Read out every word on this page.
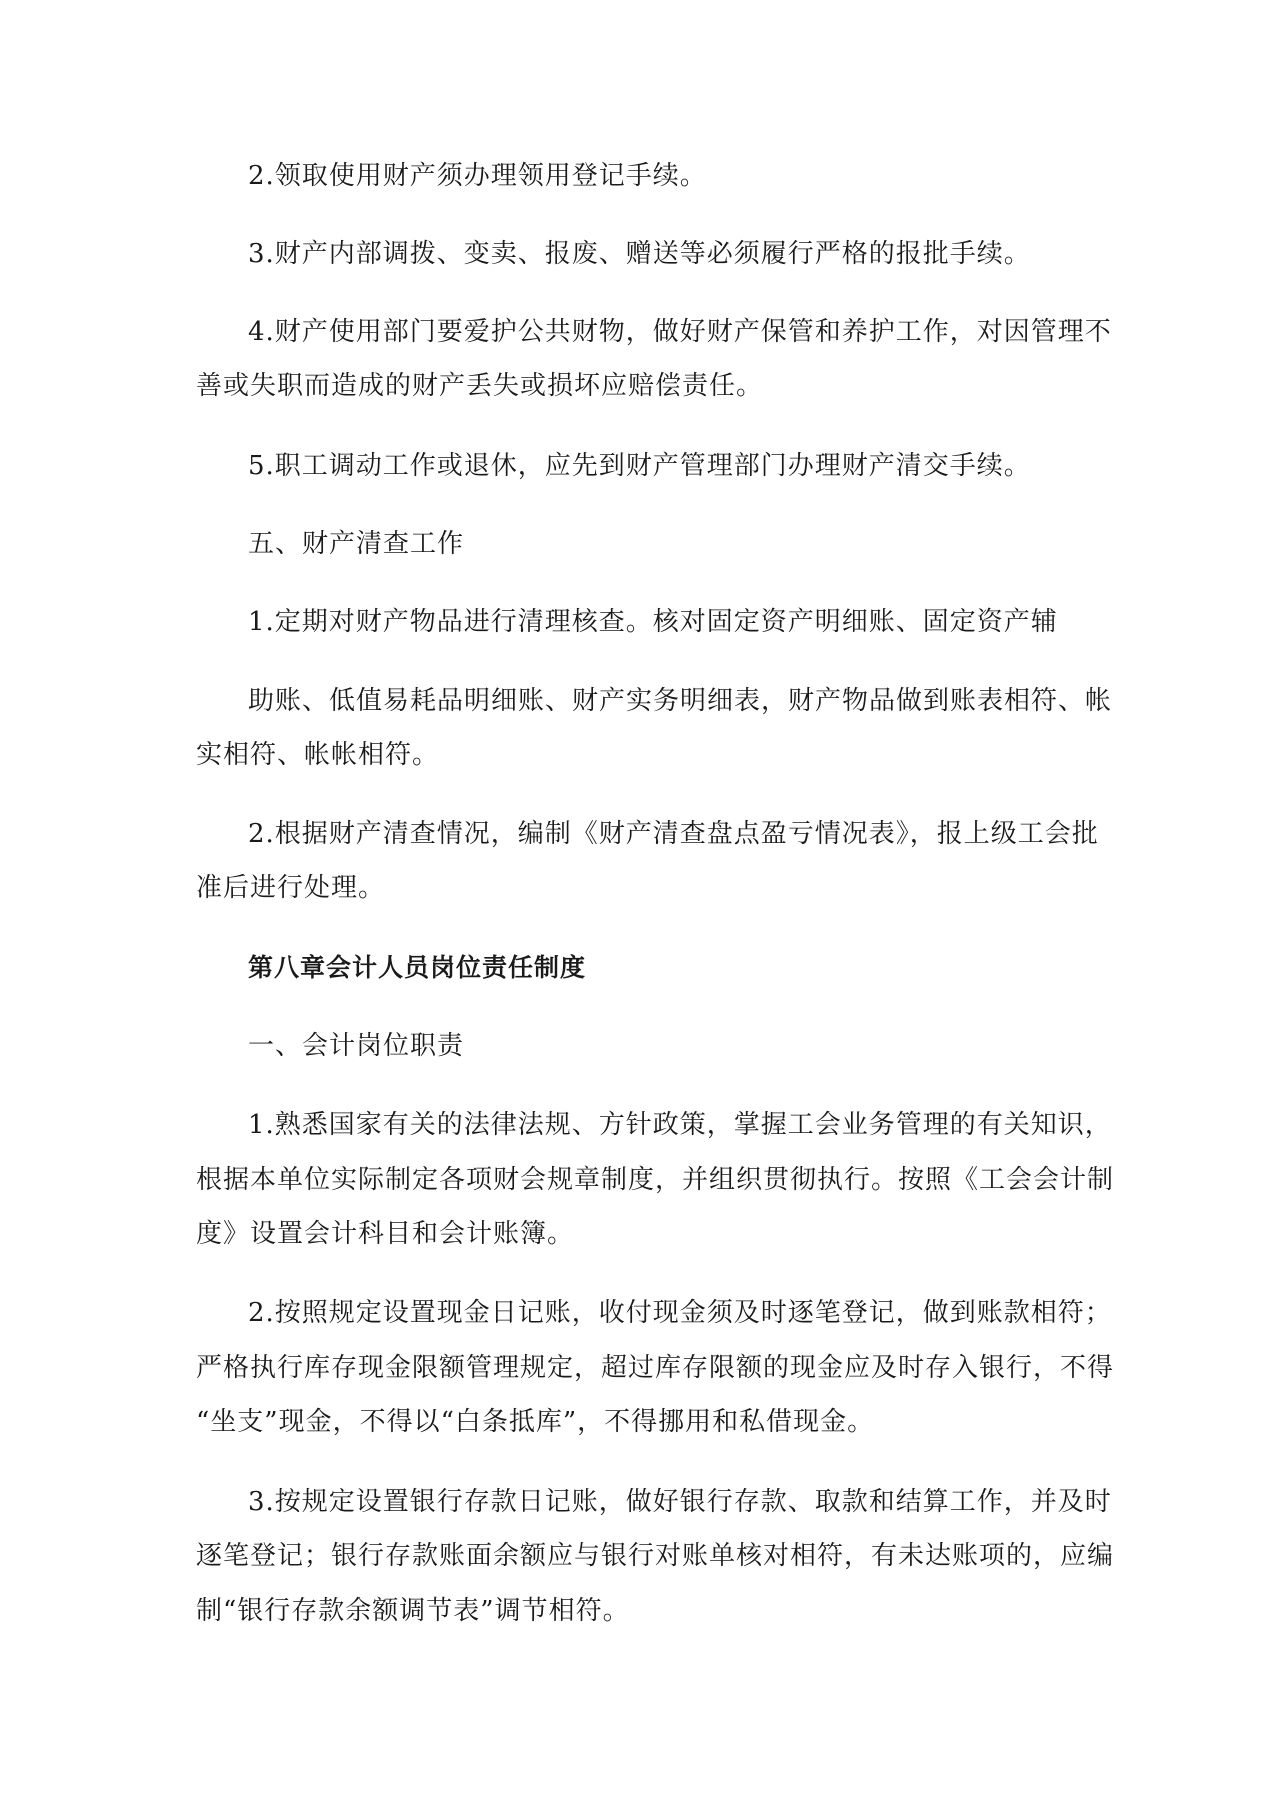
2.领取使用财产须办理领用登记手续。
3.财产内部调拨、变卖、报废、赠送等必须履行严格的报批手续。
4.财产使用部门要爱护公共财物，做好财产保管和养护工作，对因管理不
善或失职而造成的财产丢失或损坏应赔偿责任。
5.职工调动工作或退休，应先到财产管理部门办理财产清交手续。
五、财产清查工作
1.定期对财产物品进行清理核查。核对固定资产明细账、固定资产辅
助账、低值易耗品明细账、财产实务明细表，财产物品做到账表相符、帐
实相符、帐帐相符。
2.根据财产清查情况，编制《财产清查盘点盈亏情况表》，报上级工会批
准后进行处理。
第八章会计人员岗位责任制度
一、会计岗位职责
1.熟悉国家有关的法律法规、方针政策，掌握工会业务管理的有关知识，
根据本单位实际制定各项财会规章制度，并组织贯彻执行。按照《工会会计制
度》设置会计科目和会计账簿。
2.按照规定设置现金日记账，收付现金须及时逐笔登记，做到账款相符；
严格执行库存现金限额管理规定，超过库存限额的现金应及时存入银行，不得
“坐支”现金，不得以“白条抵库”，不得挪用和私借现金。
3.按规定设置银行存款日记账，做好银行存款、取款和结算工作，并及时
逐笔登记；银行存款账面余额应与银行对账单核对相符，有未达账项的，应编
制“银行存款余额调节表”调节相符。
